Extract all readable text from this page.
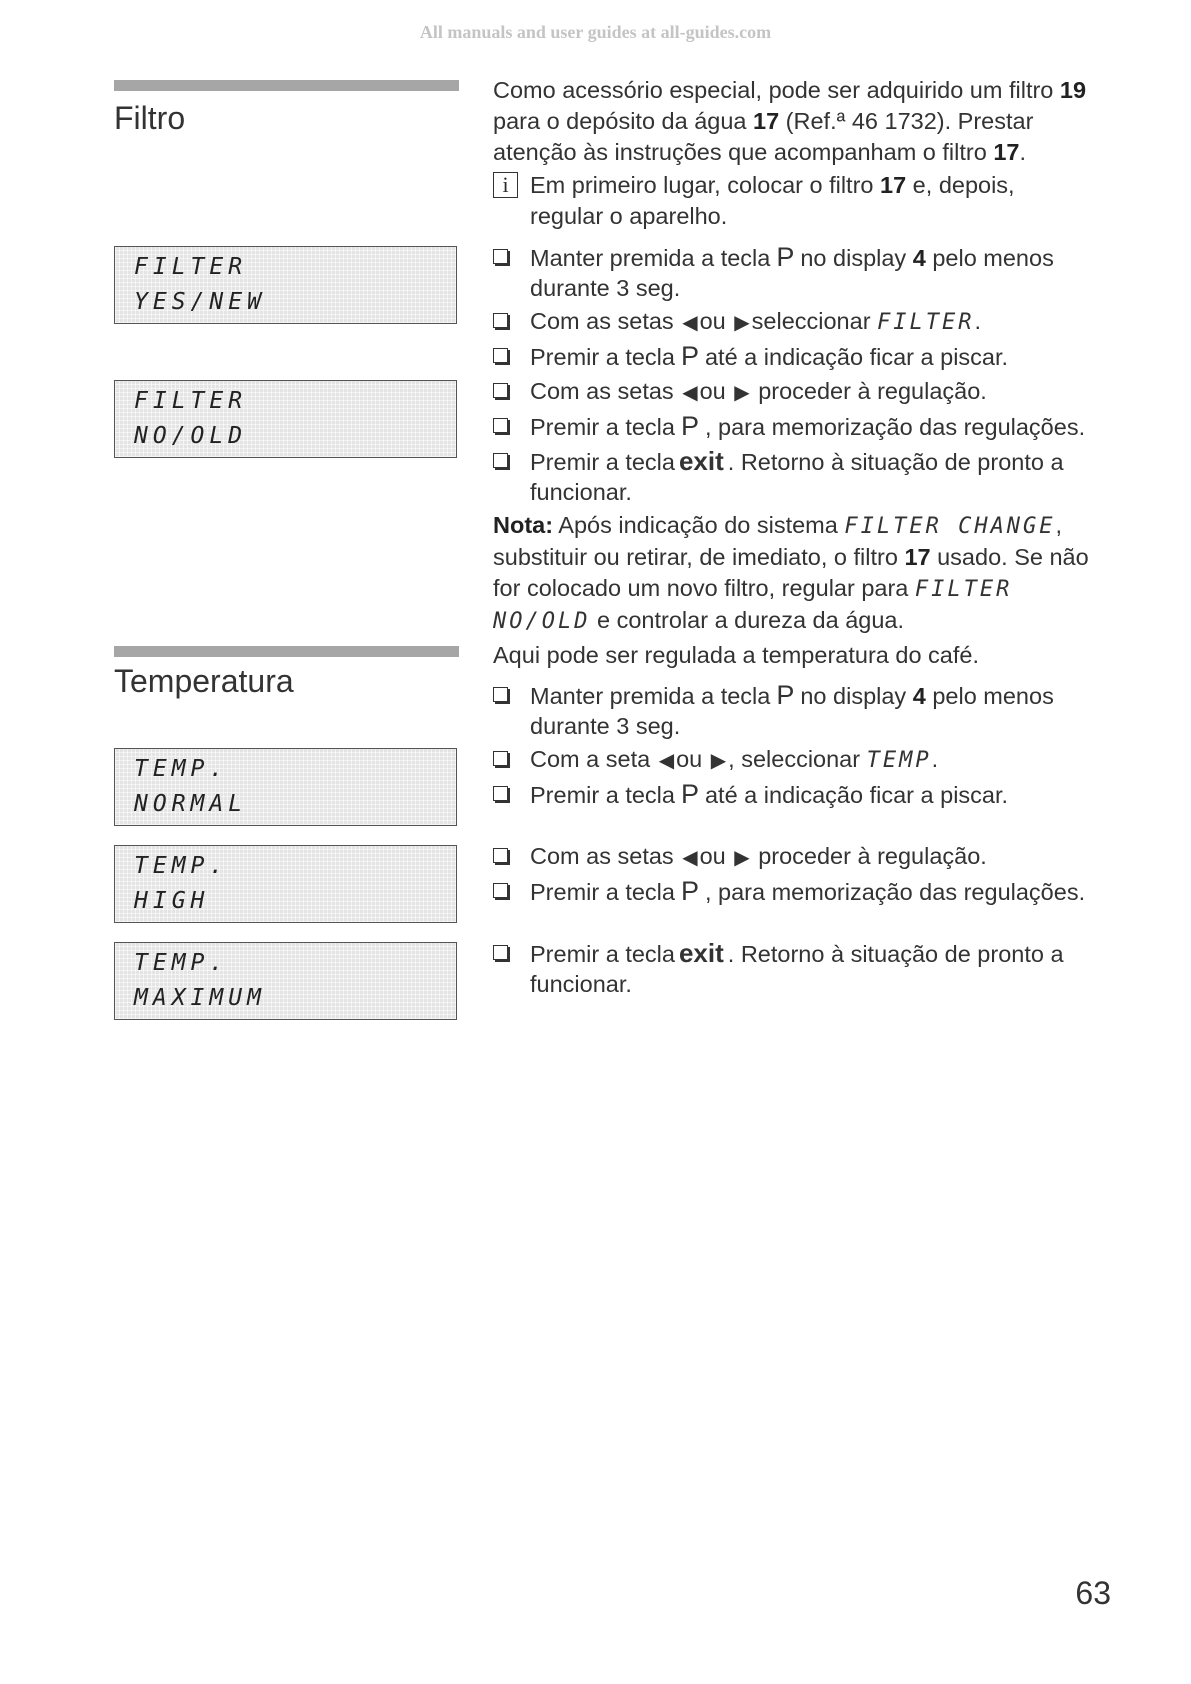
All manuals and user guides at all-guides.com
Filtro
FILTER
YES/NEW
FILTER
NO/OLD

Como acessório especial, pode ser adquirido um filtro 19 para o depósito da água 17 (Ref.ª 46 1732). Prestar atenção às instruções que acompanham o filtro 17.

i Em primeiro lugar, colocar o filtro 17 e, depois, regular o aparelho.

Manter premida a tecla P no display 4 pelo menos durante 3 seg.
Com as setas ◀ou ▶seleccionar FILTER.
Premir a tecla P até a indicação ficar a piscar.
Com as setas ◀ou ▶ proceder à regulação.
Premir a tecla P , para memorização das regulações.
Premir a tecla exit . Retorno à situação de pronto a funcionar.

Nota: Após indicação do sistema FILTER CHANGE, substituir ou retirar, de imediato, o filtro 17 usado. Se não for colocado um novo filtro, regular para FILTER NO/OLD e controlar a dureza da água.

Temperatura
TEMP.
NORMAL
TEMP.
HIGH
TEMP.
MAXIMUM

Aqui pode ser regulada a temperatura do café.

Manter premida a tecla P no display 4 pelo menos durante 3 seg.
Com a seta ◀ou ▶, seleccionar TEMP.
Premir a tecla P até a indicação ficar a piscar.
Com as setas ◀ou ▶ proceder à regulação.
Premir a tecla P , para memorização das regulações.
Premir a tecla exit . Retorno à situação de pronto a funcionar.
63
